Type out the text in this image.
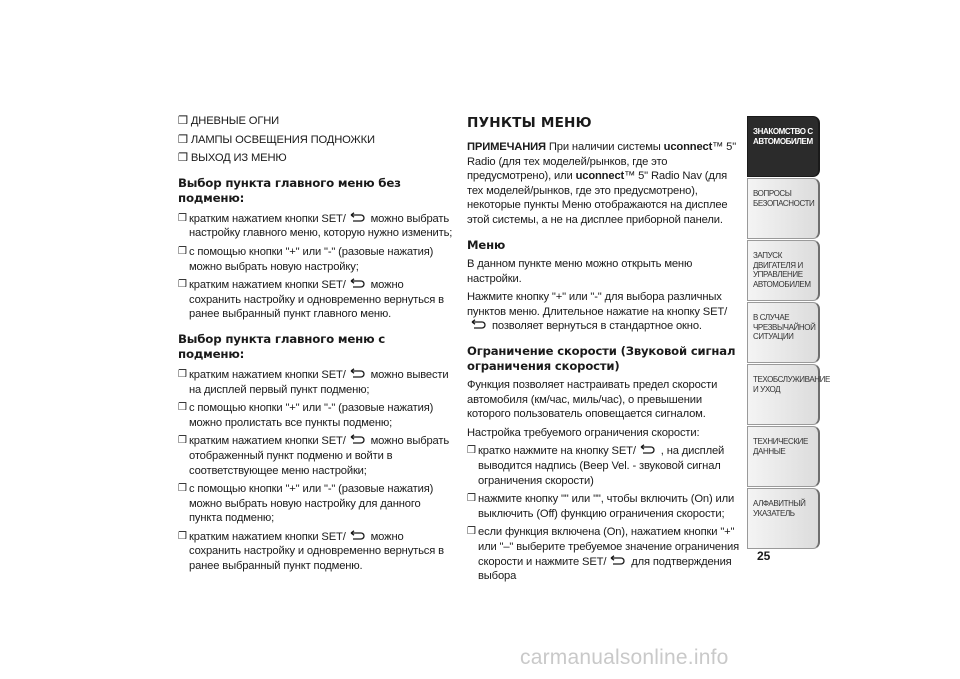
❒ ДНЕВНЫЕ ОГНИ
❒ ЛАМПЫ ОСВЕЩЕНИЯ ПОДНОЖКИ
❒ ВЫХОД ИЗ МЕНЮ
Выбор пункта главного меню без подменю:
❒ кратким нажатием кнопки SET/
можно выбрать настройку главного меню, которую нужно изменить;
❒ с помощью кнопки "+" или "-" (разовые нажатия) можно выбрать новую настройку;
❒ кратким нажатием кнопки SET/
можно сохранить настройку и одновременно вернуться в ранее выбранный пункт главного меню.
Выбор пункта главного меню с подменю:
❒ кратким нажатием кнопки SET/
можно вывести на дисплей первый пункт подменю;
❒ с помощью кнопки "+" или "-" (разовые нажатия) можно пролистать все пункты подменю;
❒ кратким нажатием кнопки SET/
можно выбрать отображенный пункт подменю и войти в соответствующее меню настройки;
❒ с помощью кнопки "+" или "-" (разовые нажатия) можно выбрать новую настройку для данного пункта подменю;
❒ кратким нажатием кнопки SET/
можно сохранить настройку и одновременно вернуться в ранее выбранный пункт подменю.
ПУНКТЫ МЕНЮ

ПРИМЕЧАНИЯ При наличии системы uconnect™ 5" Radio (для тех моделей/рынков, где это предусмотрено), или uconnect™ 5" Radio Nav (для тех моделей/рынков, где это предусмотрено), некоторые пункты Меню отображаются на дисплее этой системы, а не на дисплее приборной панели.

Меню

В данном пункте меню можно открыть меню настройки.

Нажмите кнопку "+" или "-" для выбора различных пунктов меню. Длительное нажатие на кнопку SET/
позволяет вернуться в стандартное окно.

Ограничение скорости (Звуковой сигнал ограничения скорости)

Функция позволяет настраивать предел скорости автомобиля (км/час, миль/час), о превышении которого пользователь оповещается сигналом.

Настройка требуемого ограничения скорости:

❒ кратко нажмите на кнопку SET/
, на дисплей выводится надпись (Beep Vel. - звуковой сигнал ограничения скорости)
❒ нажмите кнопку "" или "", чтобы включить (On) или выключить (Off) функцию ограничения скорости;
❒ если функция включена (On), нажатием кнопки "+" или "–" выберите требуемое значение ограничения скорости и нажмите SET/
для подтверждения выбора
ЗНАКОМСТВО С
АВТОМОБИЛЕМ
ВОПРОСЫ
БЕЗОПАСНОСТИ
ЗАПУСК ДВИГАТЕЛЯ И
УПРАВЛЕНИЕ
АВТОМОБИЛЕМ
В СЛУЧАЕ
ЧРЕЗВЫЧАЙНОЙ
СИТУАЦИИ
ТЕХОБСЛУЖИВАНИЕ
И УХОД
ТЕХНИЧЕСКИЕ
ДАННЫЕ
АЛФАВИТНЫЙ
УКАЗАТЕЛЬ
25
carmanualsonline.info
